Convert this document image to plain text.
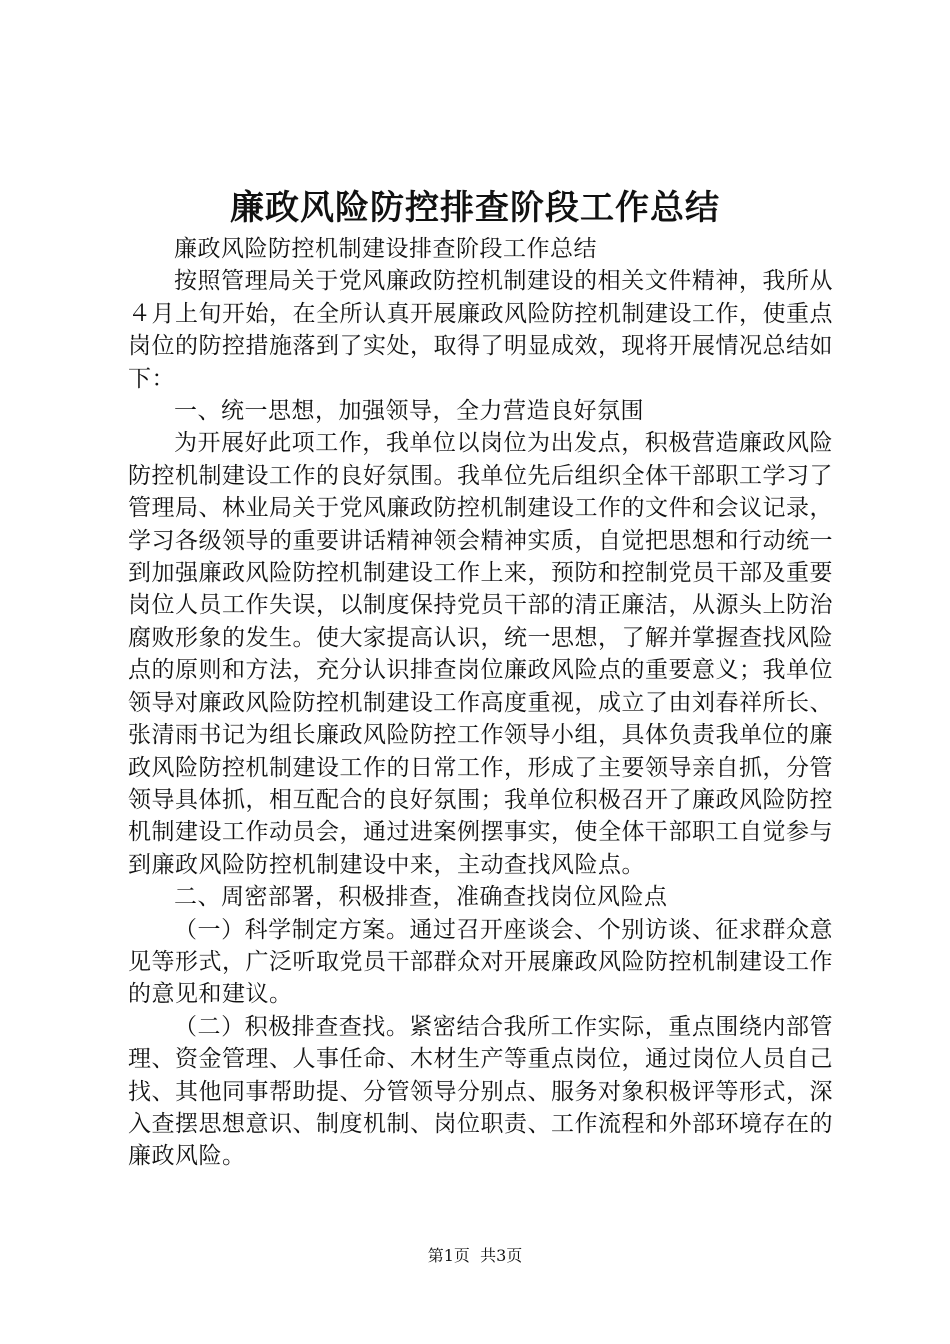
廉政风险防控排查阶段工作总结

廉政风险防控机制建设排查阶段工作总结

按照管理局关于党风廉政防控机制建设的相关文件精神，我所从４月上旬开始，在全所认真开展廉政风险防控机制建设工作，使重点岗位的防控措施落到了实处，取得了明显成效，现将开展情况总结如下：

一、统一思想，加强领导，全力营造良好氛围

为开展好此项工作，我单位以岗位为出发点，积极营造廉政风险防控机制建设工作的良好氛围。我单位先后组织全体干部职工学习了管理局、林业局关于党风廉政防控机制建设工作的文件和会议记录，学习各级领导的重要讲话精神领会精神实质，自觉把思想和行动统一到加强廉政风险防控机制建设工作上来，预防和控制党员干部及重要岗位人员工作失误，以制度保持党员干部的清正廉洁，从源头上防治腐败形象的发生。使大家提高认识，统一思想，了解并掌握查找风险点的原则和方法，充分认识排查岗位廉政风险点的重要意义；我单位领导对廉政风险防控机制建设工作高度重视，成立了由刘春祥所长、张清雨书记为组长廉政风险防控工作领导小组，具体负责我单位的廉政风险防控机制建设工作的日常工作，形成了主要领导亲自抓，分管领导具体抓，相互配合的良好氛围；我单位积极召开了廉政风险防控机制建设工作动员会，通过进案例摆事实，使全体干部职工自觉参与到廉政风险防控机制建设中来，主动查找风险点。

二、周密部署，积极排查，准确查找岗位风险点

（一）科学制定方案。通过召开座谈会、个别访谈、征求群众意见等形式，广泛听取党员干部群众对开展廉政风险防控机制建设工作的意见和建议。

（二）积极排查查找。紧密结合我所工作实际，重点围绕内部管理、资金管理、人事任命、木材生产等重点岗位，通过岗位人员自己找、其他同事帮助提、分管领导分别点、服务对象积极评等形式，深入查摆思想意识、制度机制、岗位职责、工作流程和外部环境存在的廉政风险。

第1页 共3页
